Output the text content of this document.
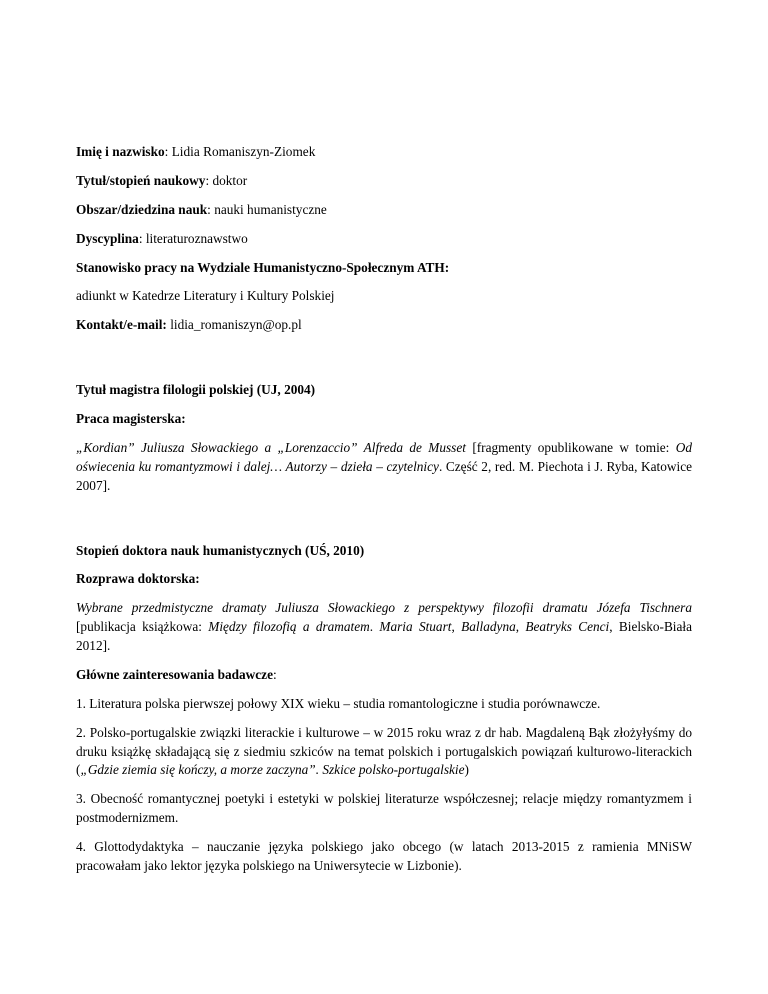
Imię i nazwisko: Lidia Romaniszyn-Ziomek

Tytuł/stopień naukowy: doktor

Obszar/dziedzina nauk: nauki humanistyczne

Dyscyplina: literaturoznawstwo

Stanowisko pracy na Wydziale Humanistyczno-Społecznym ATH:

adiunkt w Katedrze Literatury i Kultury Polskiej

Kontakt/e-mail: lidia_romaniszyn@op.pl

Tytuł magistra filologii polskiej (UJ, 2004)

Praca magisterska:

„Kordian” Juliusza Słowackiego a „Lorenzaccio” Alfreda de Musset [fragmenty opublikowane w tomie: Od oświecenia ku romantyzmowi i dalej… Autorzy – dzieła – czytelnicy. Część 2, red. M. Piechota i J. Ryba, Katowice 2007].

Stopień doktora nauk humanistycznych (UŚ, 2010)

Rozprawa doktorska:

Wybrane przedmistyczne dramaty Juliusza Słowackiego z perspektywy filozofii dramatu Józefa Tischnera [publikacja książkowa: Między filozofią a dramatem. Maria Stuart, Balladyna, Beatryks Cenci, Bielsko-Biała 2012].

Główne zainteresowania badawcze:

1. Literatura polska pierwszej połowy XIX wieku – studia romantologiczne i studia porównawcze.

2. Polsko-portugalskie związki literackie i kulturowe – w 2015 roku wraz z dr hab. Magdaleną Bąk złożyłyśmy do druku książkę składającą się z siedmiu szkiców na temat polskich i portugalskich powiązań kulturowo-literackich („Gdzie ziemia się kończy, a morze zaczyna”. Szkice polsko-portugalskie)

3. Obecność romantycznej poetyki i estetyki w polskiej literaturze współczesnej; relacje między romantyzmem i postmodernizmem.

4. Glottodydaktyka – nauczanie języka polskiego jako obcego (w latach 2013-2015 z ramienia MNiSW pracowałam jako lektor języka polskiego na Uniwersytecie w Lizbonie).
